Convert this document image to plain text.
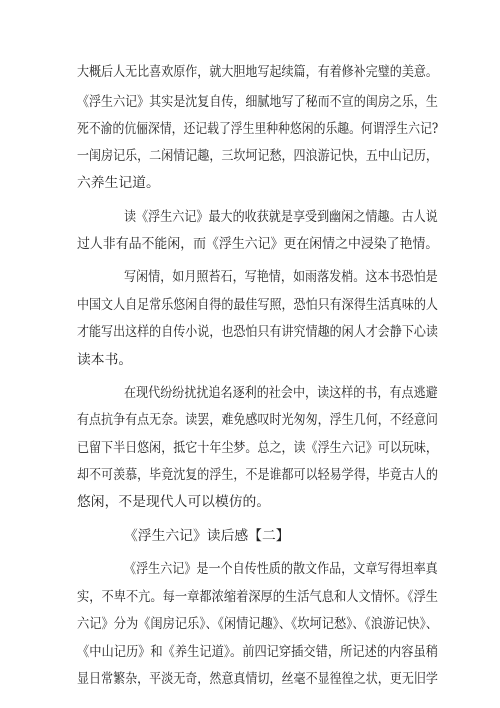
大概后人无比喜欢原作，就大胆地写起续篇，有着修补完璧的美意。
《浮生六记》其实是沈复自传，细腻地写了秘而不宣的闺房之乐，生
死不渝的伉俪深情，还记载了浮生里种种悠闲的乐趣。何谓浮生六记?
一闺房记乐，二闲情记趣，三坎坷记愁，四浪游记快，五中山记历，
六养生记道。
读《浮生六记》最大的收获就是享受到幽闲之情趣。古人说
过人非有品不能闲，而《浮生六记》更在闲情之中浸染了艳情。
写闲情，如月照苔石，写艳情，如雨落发梢。这本书恐怕是
中国文人自足常乐悠闲自得的最佳写照，恐怕只有深得生活真味的人
才能写出这样的自传小说，也恐怕只有讲究情趣的闲人才会静下心读
读本书。
在现代纷纷扰扰追名逐利的社会中，读这样的书，有点逃避
有点抗争有点无奈。读罢，难免感叹时光匆匆，浮生几何，不经意问
已留下半日悠闲，抵它十年尘梦。总之，读《浮生六记》可以玩味，
却不可羡慕，毕竟沈复的浮生，不是谁都可以轻易学得，毕竟古人的
悠闲，不是现代人可以模仿的。
《浮生六记》读后感【二】
《浮生六记》是一个自传性质的散文作品，文章写得坦率真
实，不卑不亢。每一章都浓缩着深厚的生活气息和人文情怀。《浮生
六记》分为《闺房记乐》、《闲情记趣》、《坎坷记愁》、《浪游记快》、
《中山记历》和《养生记道》。前四记穿插交错，所记述的内容虽稍
显日常繁杂，平淡无奇，然意真情切，丝毫不显徨徨之状，更无旧学
